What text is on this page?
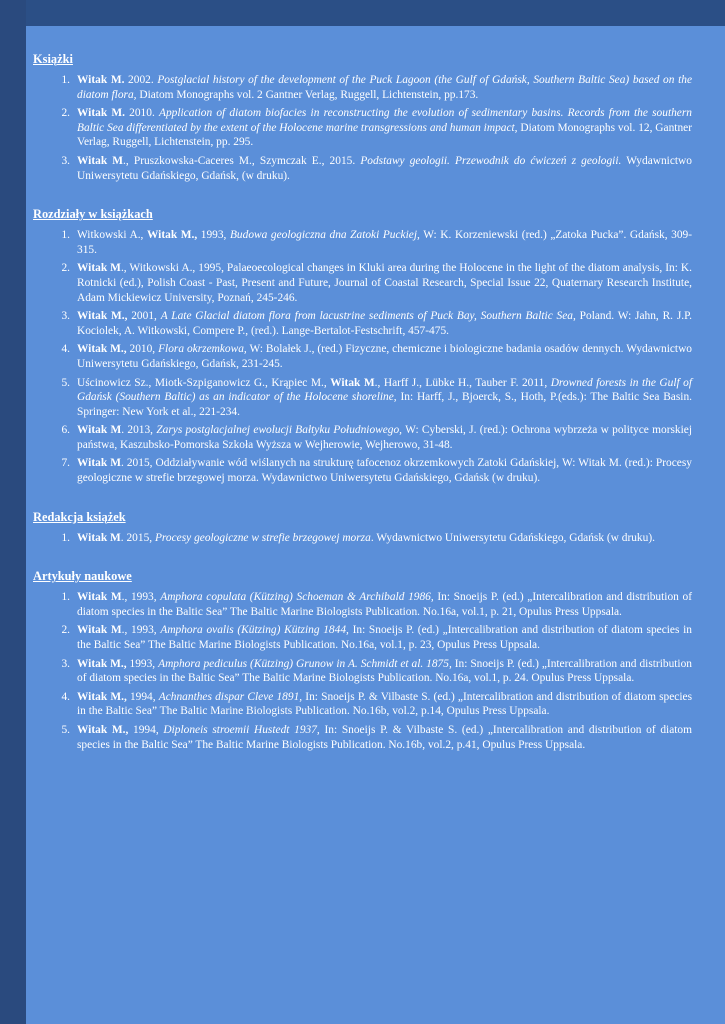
Książki
1. Witak M. 2002. Postglacial history of the development of the Puck Lagoon (the Gulf of Gdańsk, Southern Baltic Sea) based on the diatom flora, Diatom Monographs vol. 2 Gantner Verlag, Ruggell, Lichtenstein, pp.173.
2. Witak M. 2010. Application of diatom biofacies in reconstructing the evolution of sedimentary basins. Records from the southern Baltic Sea differentiated by the extent of the Holocene marine transgressions and human impact, Diatom Monographs vol. 12, Gantner Verlag, Ruggell, Lichtenstein, pp. 295.
3. Witak M., Pruszkowska-Caceres M., Szymczak E., 2015. Podstawy geologii. Przewodnik do ćwiczeń z geologii. Wydawnictwo Uniwersytetu Gdańskiego, Gdańsk, (w druku).
Rozdziały w książkach
1. Witkowski A., Witak M., 1993, Budowa geologiczna dna Zatoki Puckiej, W: K. Korzeniewski (red.) „Zatoka Pucka”. Gdańsk, 309-315.
2. Witak M., Witkowski A., 1995, Palaeoecological changes in Kluki area during the Holocene in the light of the diatom analysis, In: K. Rotnicki (ed.), Polish Coast - Past, Present and Future, Journal of Coastal Research, Special Issue 22, Quaternary Research Institute, Adam Mickiewicz University, Poznań, 245-246.
3. Witak M., 2001, A Late Glacial diatom flora from lacustrine sediments of Puck Bay, Southern Baltic Sea, Poland. W: Jahn, R. J.P. Kociolek, A. Witkowski, Compere P., (red.). Lange-Bertalot-Festschrift, 457-475.
4. Witak M., 2010, Flora okrzemkowa, W: Bolałek J., (red.) Fizyczne, chemiczne i biologiczne badania osadów dennych. Wydawnictwo Uniwersytetu Gdańskiego, Gdańsk, 231-245.
5. Uścinowicz Sz., Miotk-Szpiganowicz G., Krąpiec M., Witak M., Harff J., Lübke H., Tauber F. 2011, Drowned forests in the Gulf of Gdańsk (Southern Baltic) as an indicator of the Holocene shoreline, In: Harff, J., Bjoerck, S., Hoth, P.(eds.): The Baltic Sea Basin. Springer: New York et al., 221-234.
6. Witak M. 2013, Zarys postglacjalnej ewolucji Bałtyku Południowego, W: Cyberski, J. (red.): Ochrona wybrzeża w polityce morskiej państwa, Kaszubsko-Pomorska Szkoła Wyższa w Wejherowie, Wejherowo, 31-48.
7. Witak M. 2015, Oddziaływanie wód wiślanych na strukturę tafocenoz okrzemkowych Zatoki Gdańskiej, W: Witak M. (red.): Procesy geologiczne w strefie brzegowej morza. Wydawnictwo Uniwersytetu Gdańskiego, Gdańsk (w druku).
Redakcja książek
1. Witak M. 2015, Procesy geologiczne w strefie brzegowej morza. Wydawnictwo Uniwersytetu Gdańskiego, Gdańsk (w druku).
Artykuły naukowe
1. Witak M., 1993, Amphora copulata (Kützing) Schoeman & Archibald 1986, In: Snoeijs P. (ed.) „Intercalibration and distribution of diatom species in the Baltic Sea” The Baltic Marine Biologists Publication. No.16a, vol.1, p. 21, Opulus Press Uppsala.
2. Witak M., 1993, Amphora ovalis (Kützing) Kützing 1844, In: Snoeijs P. (ed.) „Intercalibration and distribution of diatom species in the Baltic Sea” The Baltic Marine Biologists Publication. No.16a, vol.1, p. 23, Opulus Press Uppsala.
3. Witak M., 1993, Amphora pediculus (Kützing) Grunow in A. Schmidt et al. 1875, In: Snoeijs P. (ed.) „Intercalibration and distribution of diatom species in the Baltic Sea” The Baltic Marine Biologists Publication. No.16a, vol.1, p. 24. Opulus Press Uppsala.
4. Witak M., 1994, Achnanthes dispar Cleve 1891, In: Snoeijs P. & Vilbaste S. (ed.) „Intercalibration and distribution of diatom species in the Baltic Sea” The Baltic Marine Biologists Publication. No.16b, vol.2, p.14, Opulus Press Uppsala.
5. Witak M., 1994, Diploneis stroemii Hustedt 1937, In: Snoeijs P. & Vilbaste S. (ed.) „Intercalibration and distribution of diatom species in the Baltic Sea” The Baltic Marine Biologists Publication. No.16b, vol.2, p.41, Opulus Press Uppsala.
